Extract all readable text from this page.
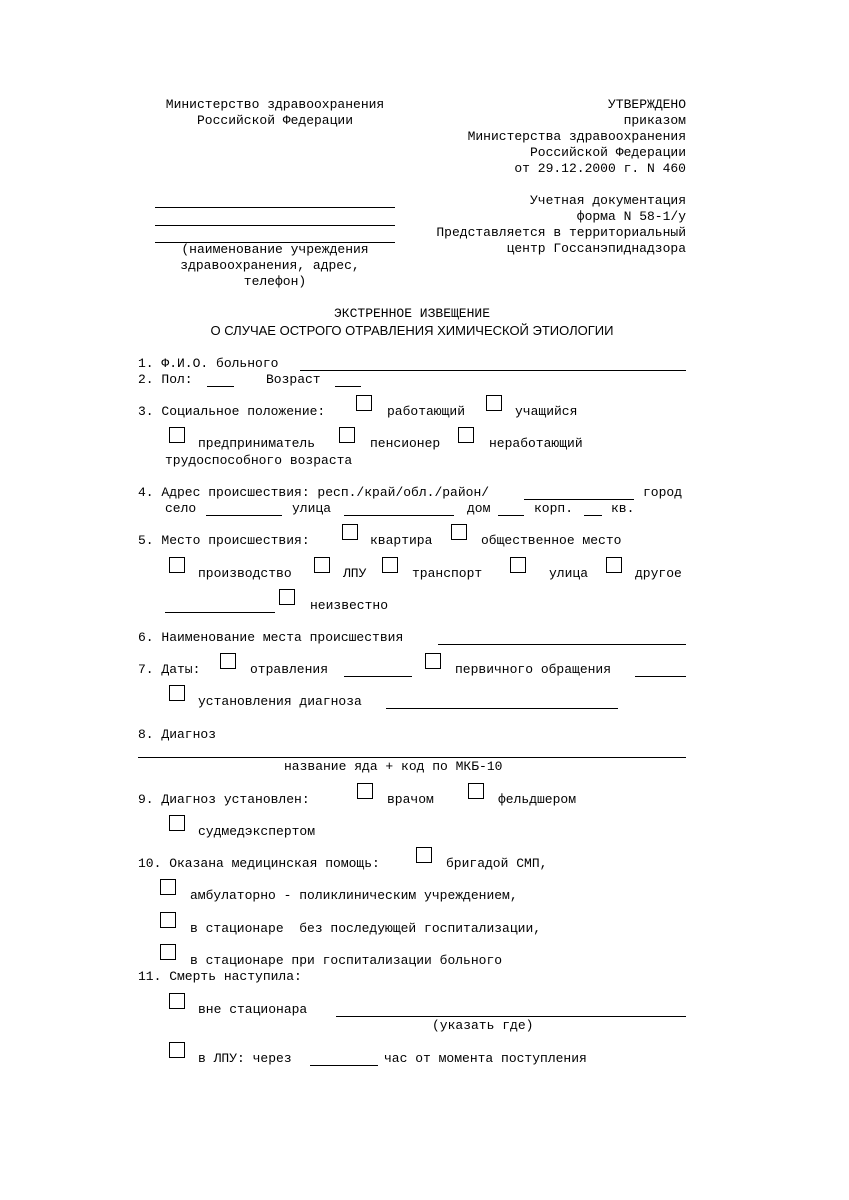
Министерство здравоохранения
Российской Федерации
УТВЕРЖДЕНО
приказом
Министерства здравоохранения
Российской Федерации
от 29.12.2000 г. N 460
Учетная документация
форма N 58-1/у
Представляется в территориальный
центр Госсанэпиднадзора
(наименование учреждения
здравоохранения, адрес,
телефон)
ЭКСТРЕННОЕ ИЗВЕЩЕНИЕ
О СЛУЧАЕ ОСТРОГО ОТРАВЛЕНИЯ ХИМИЧЕСКОЙ ЭТИОЛОГИИ
1. Ф.И.О. больного
2. Пол:	Возраст
3. Социальное положение:	работающий	учащийся
предприниматель	пенсионер	неработающий
трудоспособного возраста
4. Адрес происшествия: респ./край/обл./район/	город
село	улица	дом	корп.	кв.
5. Место происшествия:	квартира	общественное место
производство	ЛПУ	транспорт	улица	другое
неизвестно
6. Наименование места происшествия
7. Даты:	отравления	первичного обращения
установления диагноза
8. Диагноз
название яда + код по МКБ-10
9. Диагноз установлен:	врачом	фельдшером
судмедэкспертом
10. Оказана медицинская помощь:	бригадой СМП,
амбулаторно - поликлиническим учреждением,
в стационаре  без последующей госпитализации,
в стационаре при госпитализации больного
11. Смерть наступила:
вне стационара
(указать где)
в ЛПУ: через	час от момента поступления
